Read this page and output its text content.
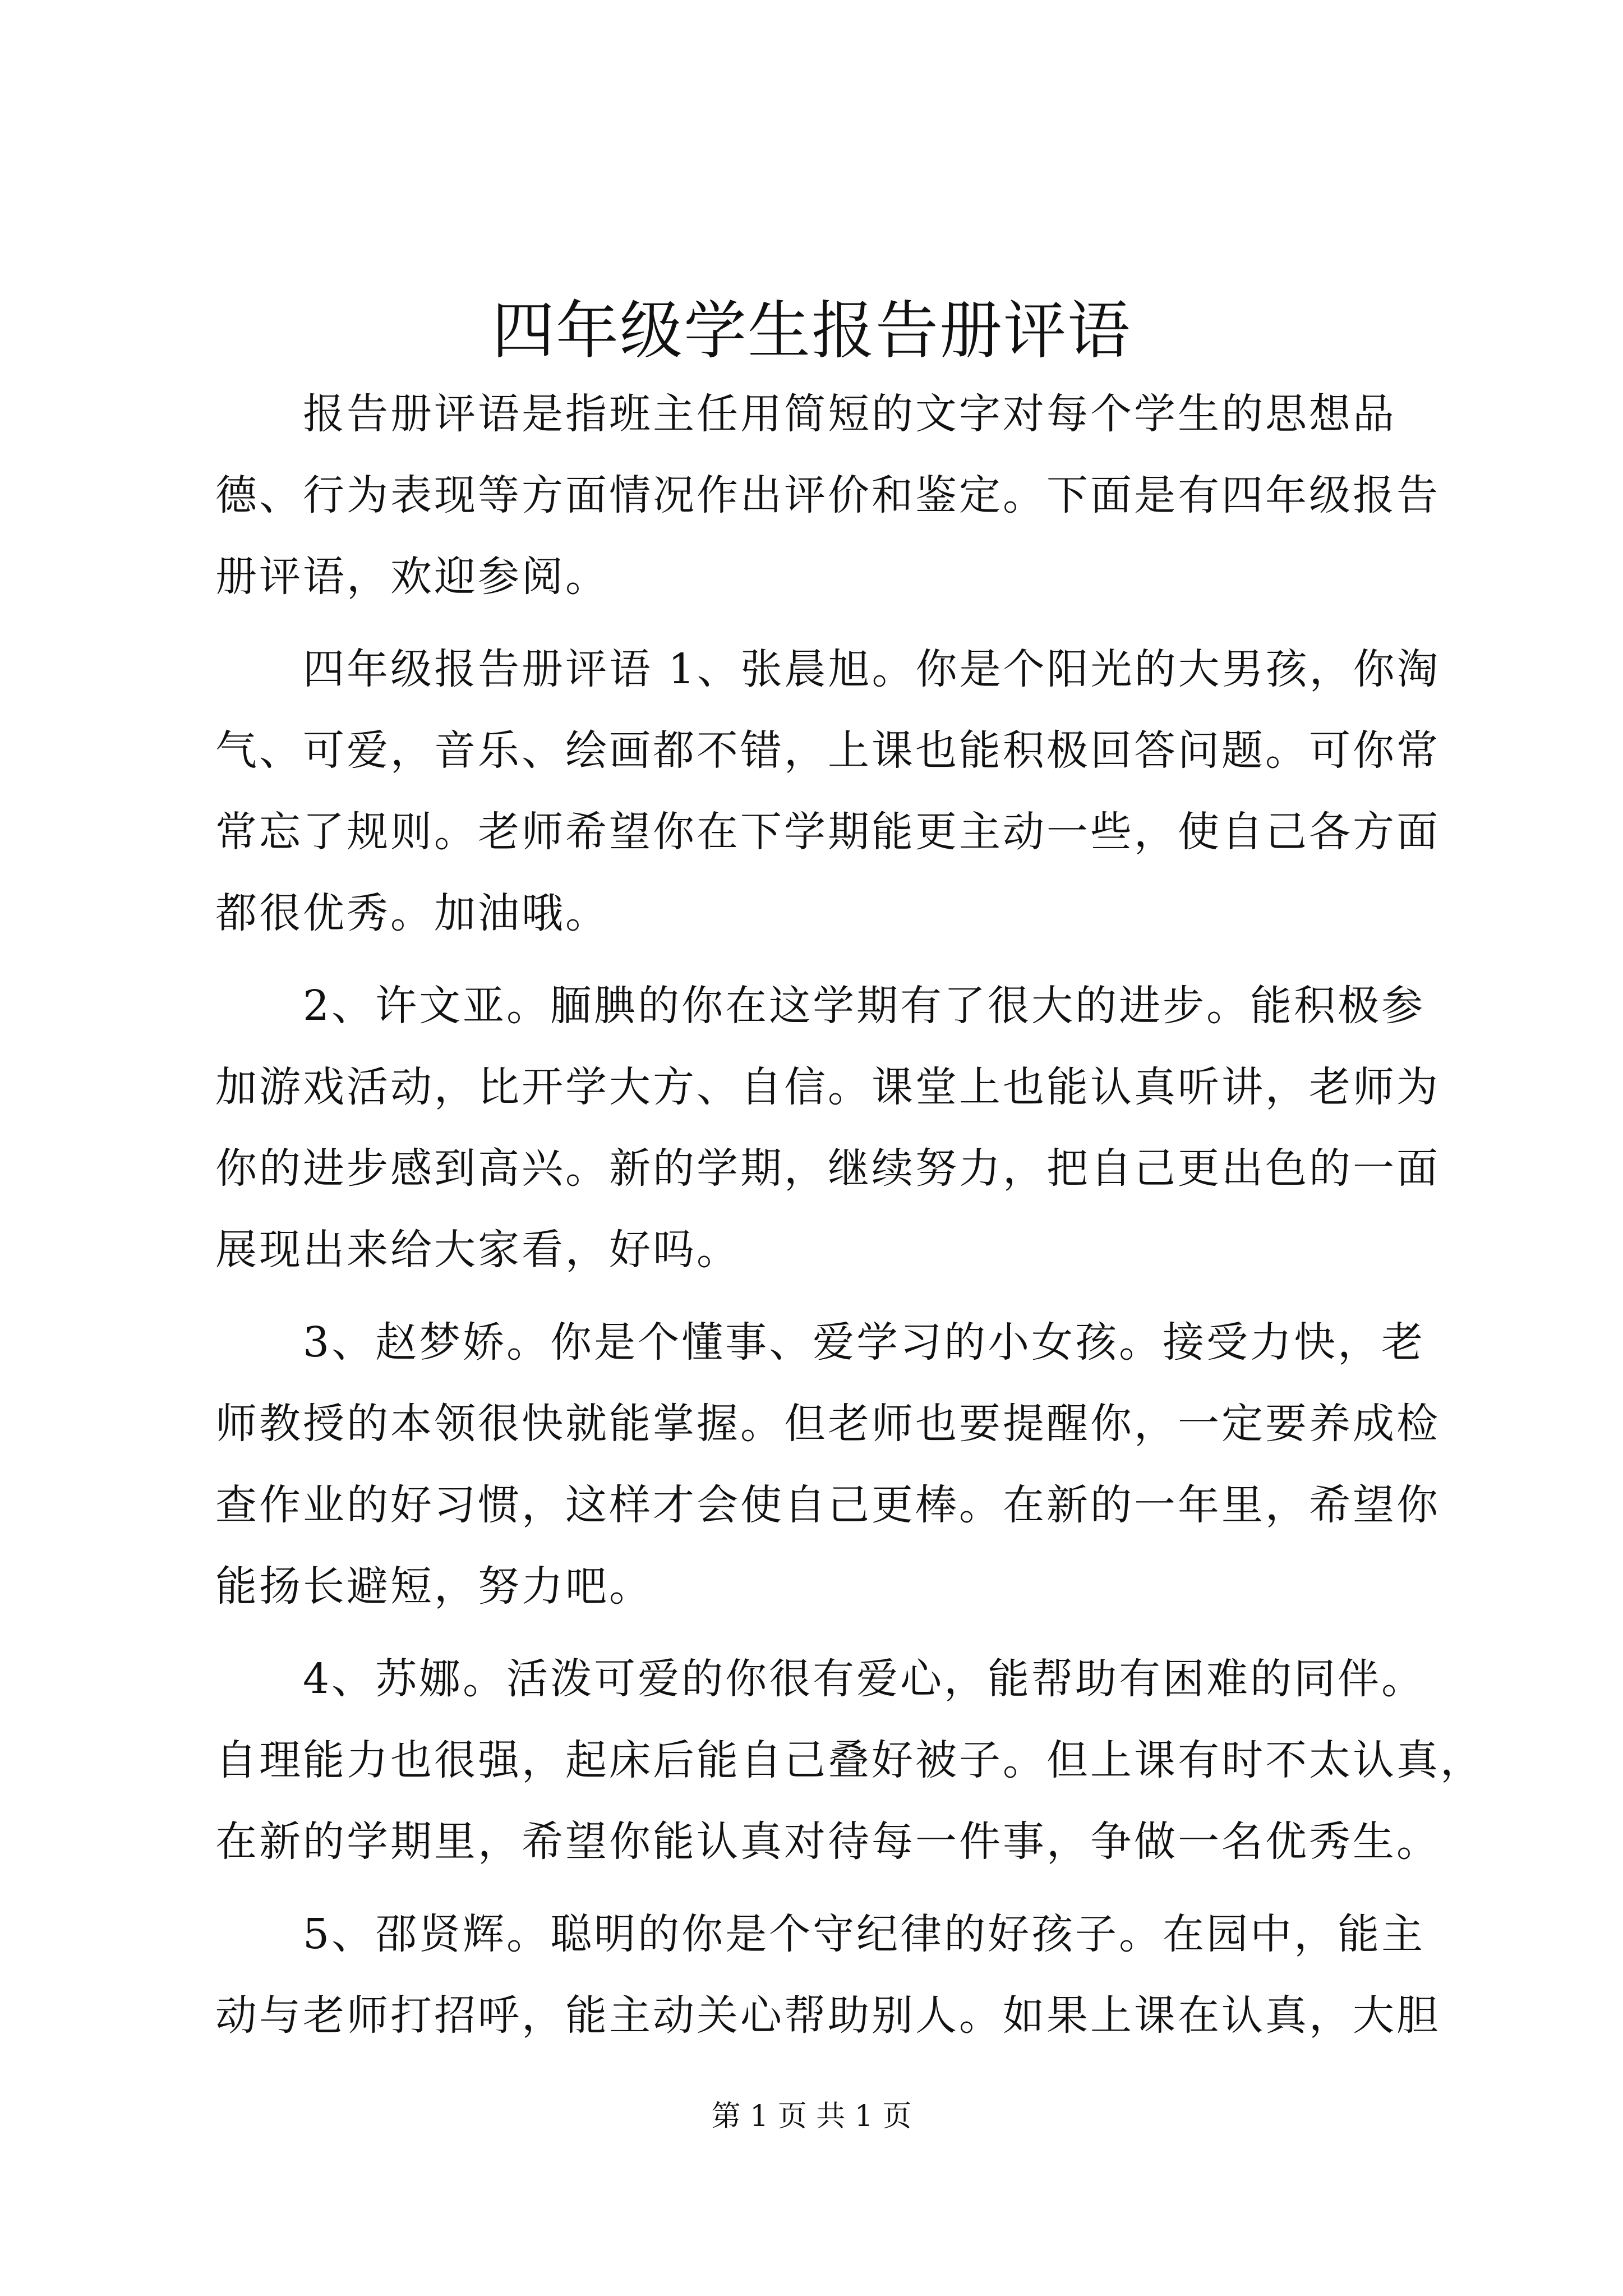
四年级学生报告册评语

报告册评语是指班主任用简短的文字对每个学生的思想品

德、行为表现等方面情况作出评价和鉴定。下面是有四年级报告

册评语，欢迎参阅。

四年级报告册评语 1、张晨旭。你是个阳光的大男孩，你淘

气、可爱，音乐、绘画都不错，上课也能积极回答问题。可你常

常忘了规则。老师希望你在下学期能更主动一些，使自己各方面

都很优秀。加油哦。

2、许文亚。腼腆的你在这学期有了很大的进步。能积极参

加游戏活动，比开学大方、自信。课堂上也能认真听讲，老师为

你的进步感到高兴。新的学期，继续努力，把自己更出色的一面

展现出来给大家看，好吗。

3、赵梦娇。你是个懂事、爱学习的小女孩。接受力快，老

师教授的本领很快就能掌握。但老师也要提醒你，一定要养成检

查作业的好习惯，这样才会使自己更棒。在新的一年里，希望你

能扬长避短，努力吧。

4、苏娜。活泼可爱的你很有爱心，能帮助有困难的同伴。

自理能力也很强，起床后能自己叠好被子。但上课有时不太认真，

在新的学期里，希望你能认真对待每一件事，争做一名优秀生。

5、邵贤辉。聪明的你是个守纪律的好孩子。在园中，能主

动与老师打招呼，能主动关心帮助别人。如果上课在认真，大胆

第 1 页 共 1 页
